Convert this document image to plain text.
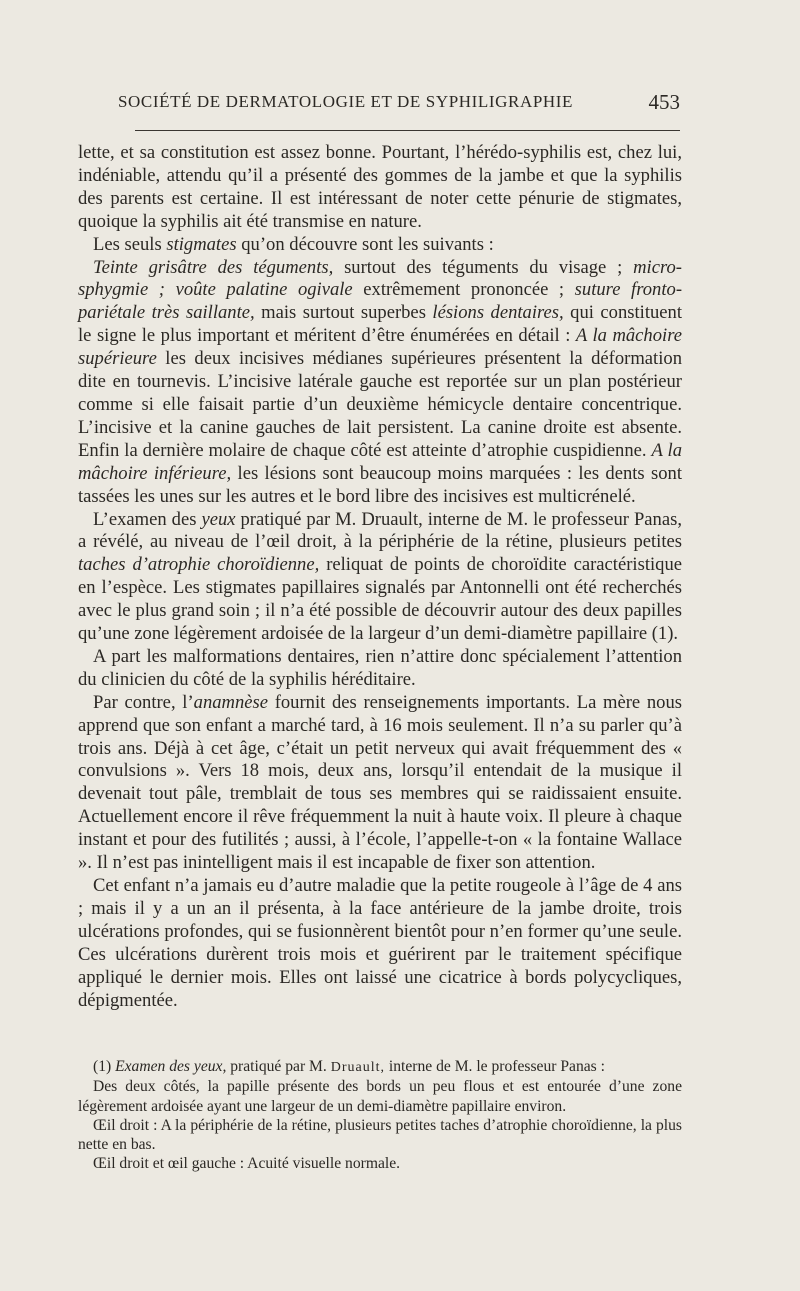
SOCIÉTÉ DE DERMATOLOGIE ET DE SYPHILIGRAPHIE	453

lette, et sa constitution est assez bonne. Pourtant, l’hérédo-syphilis est, chez lui, indéniable, attendu qu’il a présenté des gommes de la jambe et que la syphilis des parents est certaine. Il est intéressant de noter cette pénurie de stigmates, quoique la syphilis ait été transmise en nature.

Les seuls stigmates qu’on découvre sont les suivants :

Teinte grisâtre des téguments, surtout des téguments du visage ; micro-sphygmie ; voûte palatine ogivale extrêmement prononcée ; suture fronto-pariétale très saillante, mais surtout superbes lésions dentaires, qui constituent le signe le plus important et méritent d’être énumérées en détail : A la mâchoire supérieure les deux incisives médianes supérieures présentent la déformation dite en tournevis. L’incisive latérale gauche est reportée sur un plan postérieur comme si elle faisait partie d’un deuxième hémicycle dentaire concentrique. L’incisive et la canine gauches de lait persistent. La canine droite est absente. Enfin la dernière molaire de chaque côté est atteinte d’atrophie cuspidienne. A la mâchoire inférieure, les lésions sont beaucoup moins marquées : les dents sont tassées les unes sur les autres et le bord libre des incisives est multicrénelé.

L’examen des yeux pratiqué par M. Druault, interne de M. le professeur Panas, a révélé, au niveau de l’œil droit, à la périphérie de la rétine, plusieurs petites taches d’atrophie choroïdienne, reliquat de points de choroïdite caractéristique en l’espèce. Les stigmates papillaires signalés par Antonnelli ont été recherchés avec le plus grand soin ; il n’a été possible de découvrir autour des deux papilles qu’une zone légèrement ardoisée de la largeur d’un demi-diamètre papillaire (1).

A part les malformations dentaires, rien n’attire donc spécialement l’attention du clinicien du côté de la syphilis héréditaire.

Par contre, l’anamnèse fournit des renseignements importants. La mère nous apprend que son enfant a marché tard, à 16 mois seulement. Il n’a su parler qu’à trois ans. Déjà à cet âge, c’était un petit nerveux qui avait fréquemment des « convulsions ». Vers 18 mois, deux ans, lorsqu’il entendait de la musique il devenait tout pâle, tremblait de tous ses membres qui se raidissaient ensuite. Actuellement encore il rêve fréquemment la nuit à haute voix. Il pleure à chaque instant et pour des futilités ; aussi, à l’école, l’appelle-t-on « la fontaine Wallace ». Il n’est pas inintelligent mais il est incapable de fixer son attention.

Cet enfant n’a jamais eu d’autre maladie que la petite rougeole à l’âge de 4 ans ; mais il y a un an il présenta, à la face antérieure de la jambe droite, trois ulcérations profondes, qui se fusionnèrent bientôt pour n’en former qu’une seule. Ces ulcérations durèrent trois mois et guérirent par le traitement spécifique appliqué le dernier mois. Elles ont laissé une cicatrice à bords polycycliques, dépigmentée.

(1) Examen des yeux, pratiqué par M. Druault, interne de M. le professeur Panas :

Des deux côtés, la papille présente des bords un peu flous et est entourée d’une zone légèrement ardoisée ayant une largeur de un demi-diamètre papillaire environ.

Œil droit : A la périphérie de la rétine, plusieurs petites taches d’atrophie choroïdienne, la plus nette en bas.

Œil droit et œil gauche : Acuité visuelle normale.
